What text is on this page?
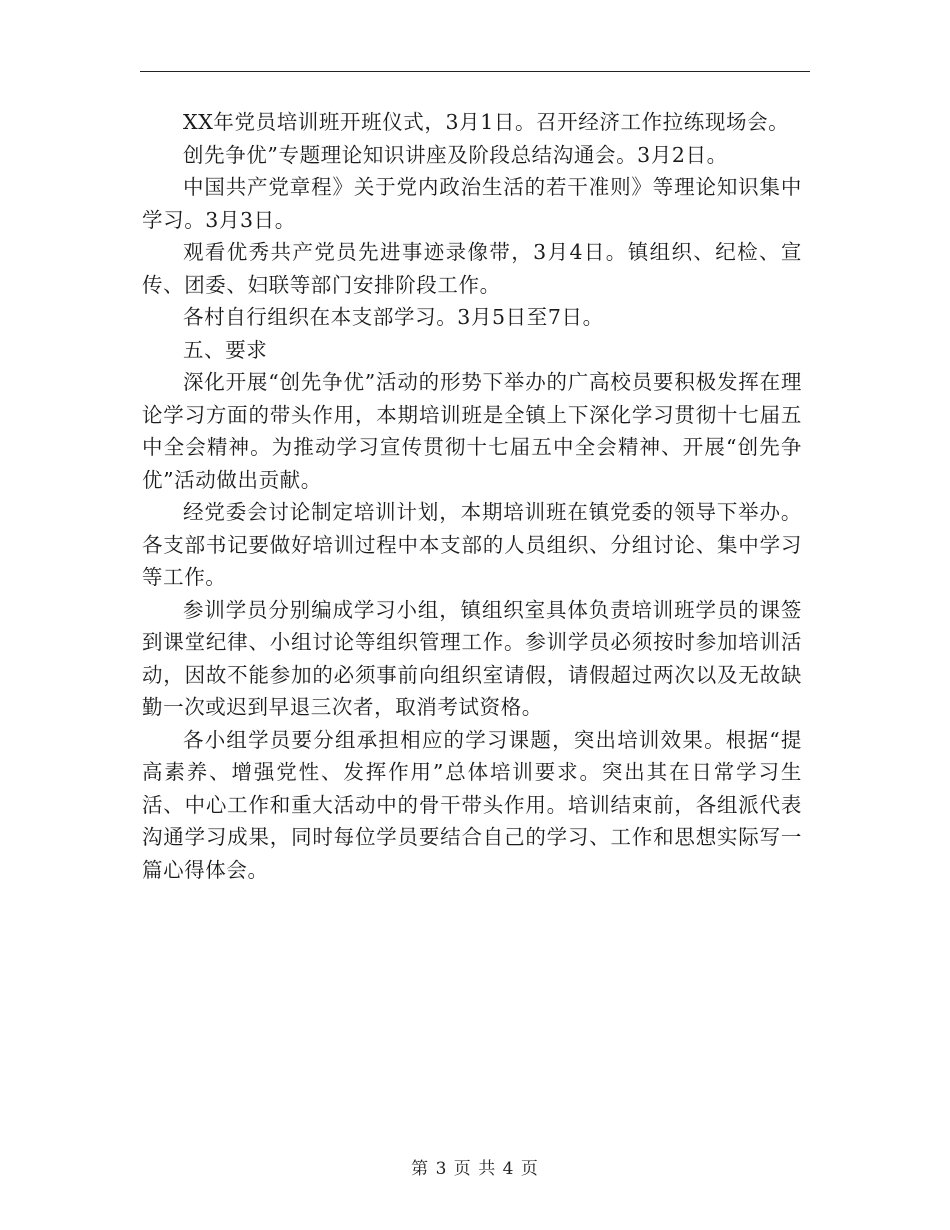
XX年党员培训班开班仪式，3月1日。召开经济工作拉练现场会。

创先争优”专题理论知识讲座及阶段总结沟通会。3月2日。

中国共产党章程》关于党内政治生活的若干准则》等理论知识集中学习。3月3日。

观看优秀共产党员先进事迹录像带，3月4日。镇组织、纪检、宣传、团委、妇联等部门安排阶段工作。

各村自行组织在本支部学习。3月5日至7日。

五、要求

深化开展“创先争优”活动的形势下举办的广高校员要积极发挥在理论学习方面的带头作用，本期培训班是全镇上下深化学习贯彻十七届五中全会精神。为推动学习宣传贯彻十七届五中全会精神、开展“创先争优”活动做出贡献。

经党委会讨论制定培训计划，本期培训班在镇党委的领导下举办。各支部书记要做好培训过程中本支部的人员组织、分组讨论、集中学习等工作。

参训学员分别编成学习小组，镇组织室具体负责培训班学员的课签到课堂纪律、小组讨论等组织管理工作。参训学员必须按时参加培训活动，因故不能参加的必须事前向组织室请假，请假超过两次以及无故缺勤一次或迟到早退三次者，取消考试资格。

各小组学员要分组承担相应的学习课题，突出培训效果。根据“提高素养、增强党性、发挥作用”总体培训要求。突出其在日常学习生活、中心工作和重大活动中的骨干带头作用。培训结束前，各组派代表沟通学习成果，同时每位学员要结合自己的学习、工作和思想实际写一篇心得体会。

第 3 页 共 4 页
